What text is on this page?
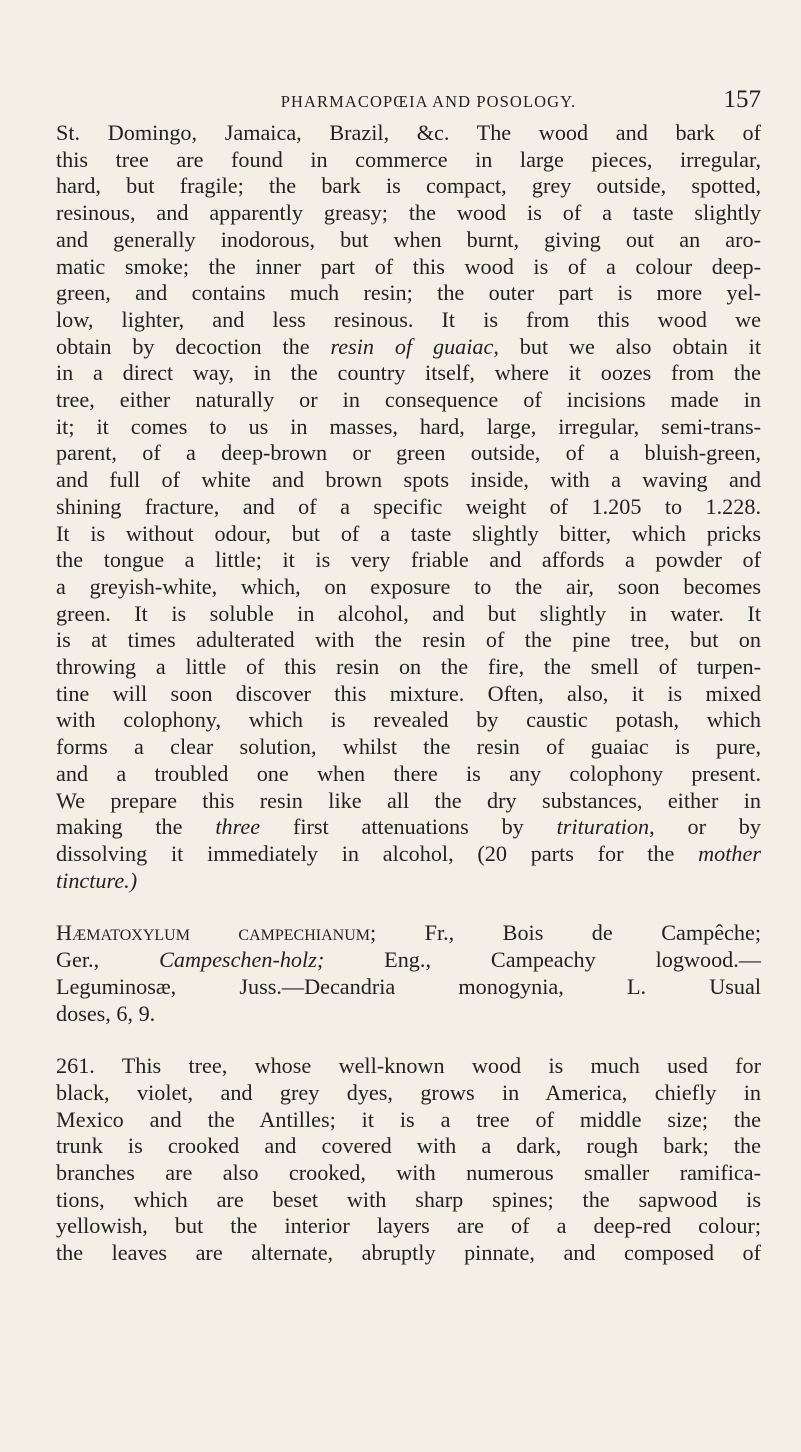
PHARMACOPŒIA AND POSOLOGY.	157

St. Domingo, Jamaica, Brazil, &c. The wood and bark of
this tree are found in commerce in large pieces, irregular,
hard, but fragile; the bark is compact, grey outside, spotted,
resinous, and apparently greasy; the wood is of a taste slightly
and generally inodorous, but when burnt, giving out an aro-
matic smoke; the inner part of this wood is of a colour deep-
green, and contains much resin; the outer part is more yel-
low, lighter, and less resinous. It is from this wood we
obtain by decoction the resin of guaiac, but we also obtain it
in a direct way, in the country itself, where it oozes from the
tree, either naturally or in consequence of incisions made in
it; it comes to us in masses, hard, large, irregular, semi-trans-
parent, of a deep-brown or green outside, of a bluish-green,
and full of white and brown spots inside, with a waving and
shining fracture, and of a specific weight of 1.205 to 1.228.
It is without odour, but of a taste slightly bitter, which pricks
the tongue a little; it is very friable and affords a powder of
a greyish-white, which, on exposure to the air, soon becomes
green. It is soluble in alcohol, and but slightly in water. It
is at times adulterated with the resin of the pine tree, but on
throwing a little of this resin on the fire, the smell of turpen-
tine will soon discover this mixture. Often, also, it is mixed
with colophony, which is revealed by caustic potash, which
forms a clear solution, whilst the resin of guaiac is pure,
and a troubled one when there is any colophony present.
We prepare this resin like all the dry substances, either in
making the three first attenuations by trituration, or by
dissolving it immediately in alcohol, (20 parts for the mother
tincture.)

Hæmatoxylum campechianum; Fr., Bois de Campêche;
Ger., Campeschen-holz; Eng., Campeachy logwood.—
Leguminosæ, Juss.—Decandria monogynia, L. Usual
doses, 6, 9.

261. This tree, whose well-known wood is much used for
black, violet, and grey dyes, grows in America, chiefly in
Mexico and the Antilles; it is a tree of middle size; the
trunk is crooked and covered with a dark, rough bark; the
branches are also crooked, with numerous smaller ramifica-
tions, which are beset with sharp spines; the sapwood is
yellowish, but the interior layers are of a deep-red colour;
the leaves are alternate, abruptly pinnate, and composed of
